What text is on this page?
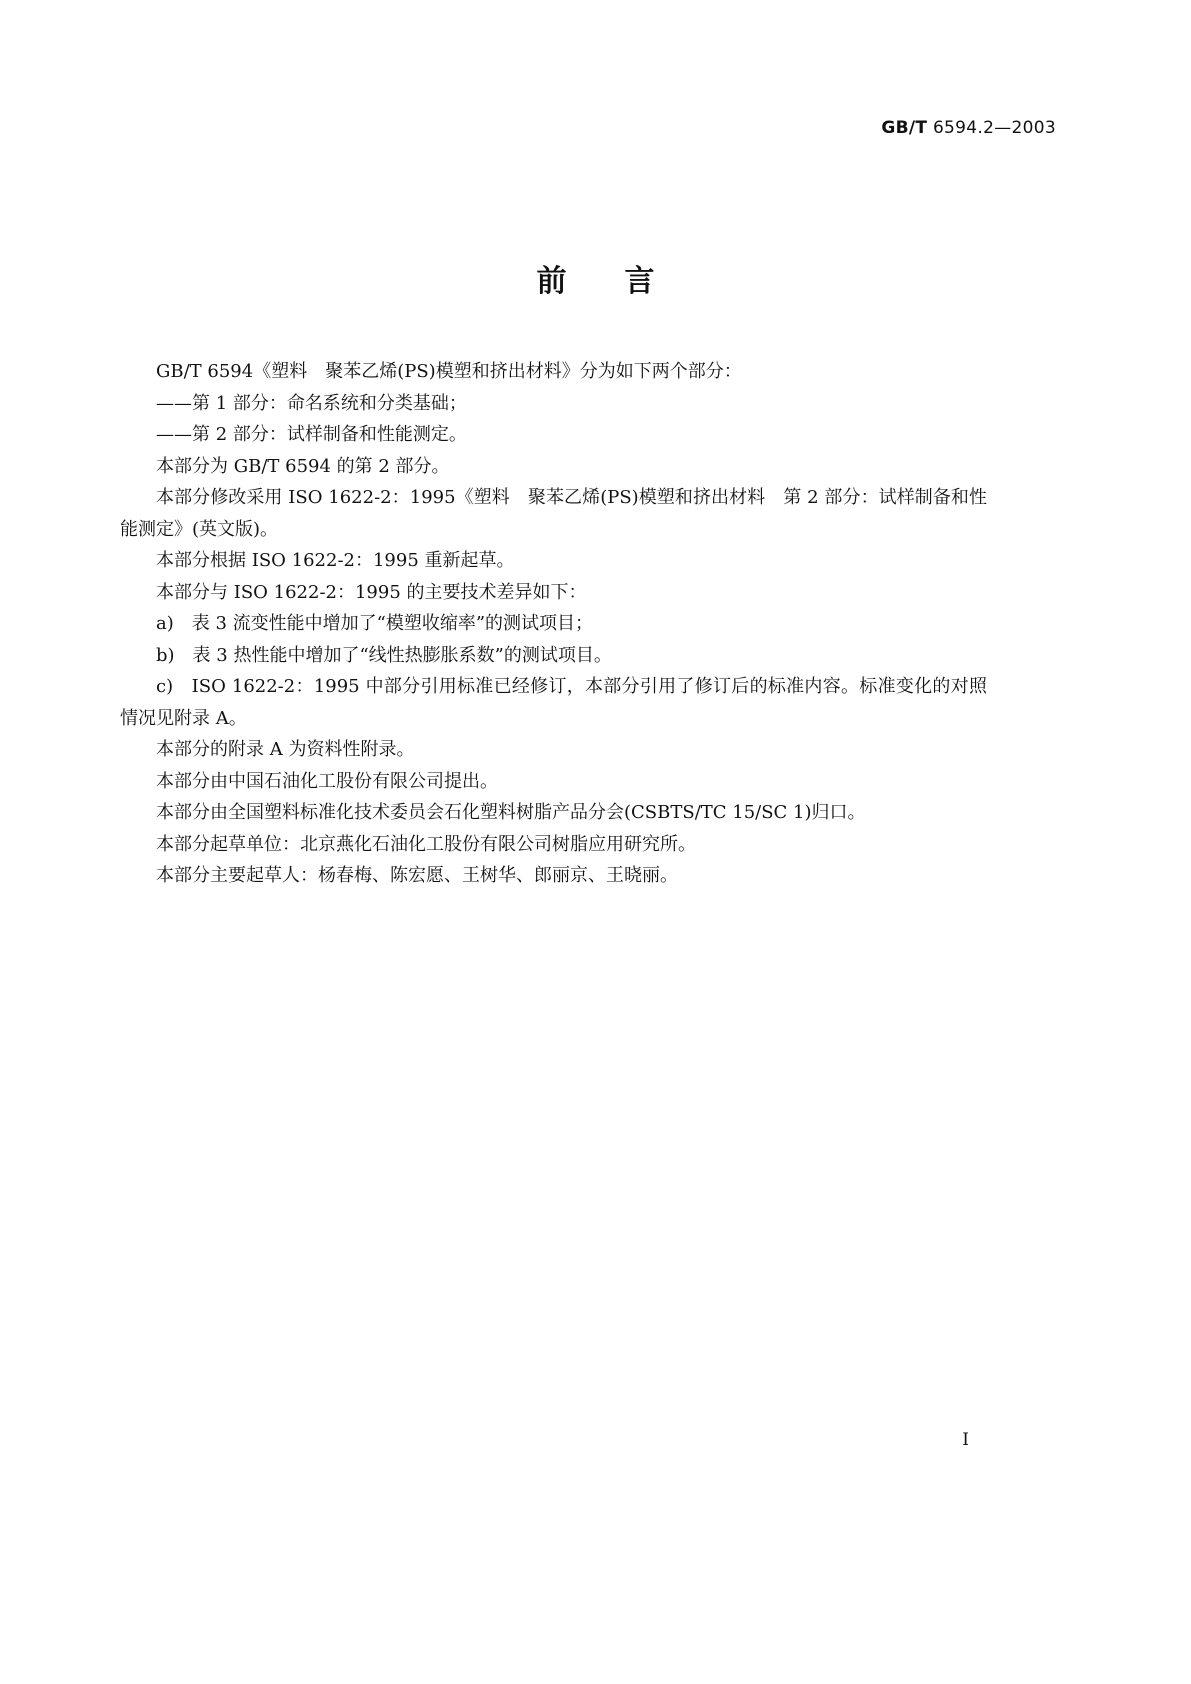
GB/T 6594.2—2003
前言

GB/T 6594《塑料　聚苯乙烯(PS)模塑和挤出材料》分为如下两个部分：

——第 1 部分：命名系统和分类基础；

——第 2 部分：试样制备和性能测定。

本部分为 GB/T 6594 的第 2 部分。

本部分修改采用 ISO 1622-2：1995《塑料　聚苯乙烯(PS)模塑和挤出材料　第 2 部分：试样制备和性能测定》(英文版)。

本部分根据 ISO 1622-2：1995 重新起草。

本部分与 ISO 1622-2：1995 的主要技术差异如下：

a)　表 3 流变性能中增加了“模塑收缩率”的测试项目；

b)　表 3 热性能中增加了“线性热膨胀系数”的测试项目。

c)　ISO 1622-2：1995 中部分引用标准已经修订，本部分引用了修订后的标准内容。标准变化的对照情况见附录 A。

本部分的附录 A 为资料性附录。

本部分由中国石油化工股份有限公司提出。

本部分由全国塑料标准化技术委员会石化塑料树脂产品分会(CSBTS/TC 15/SC 1)归口。

本部分起草单位：北京燕化石油化工股份有限公司树脂应用研究所。

本部分主要起草人：杨春梅、陈宏愿、王树华、郎丽京、王晓丽。

I
